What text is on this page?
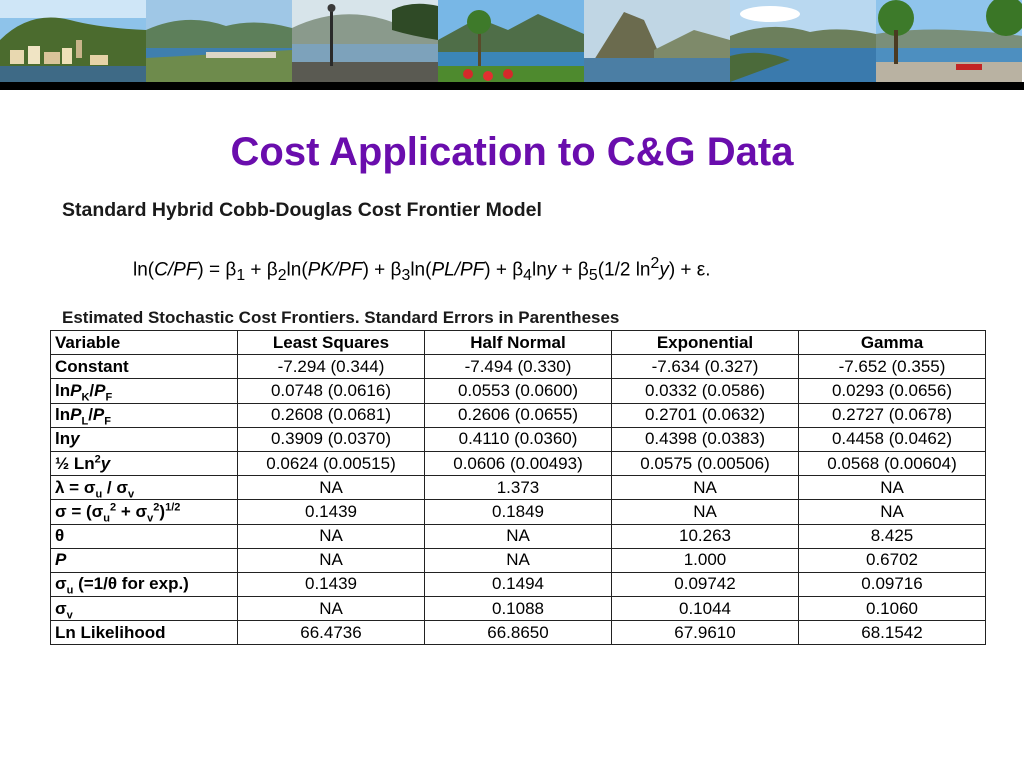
Cost Application to C&G Data
Standard Hybrid Cobb-Douglas Cost Frontier Model
$\ln(C/PF) = \beta_1 + \beta_2\ln(PK/PF) + \beta_3\ln(PL/PF) + \beta_4\ln y + \beta_5(1/2$ $\ln^2y) + \varepsilon$.
Estimated Stochastic Cost Frontiers. Standard Errors in Parentheses
Variable	Least Squares	Half Normal	Exponential	Gamma
Constant	-7.294 (0.344)	-7.494 (0.330)	-7.634 (0.327)	-7.652 (0.355)
$\ln P_K/P_F$	0.0748 (0.0616)	0.0553 (0.0600)	0.0332 (0.0586)	0.0293 (0.0656)
$\ln P_L/P_F$	0.2608 (0.0681)	0.2606 (0.0655)	0.2701 (0.0632)	0.2727 (0.0678)
lny	0.3909 (0.0370)	0.4110 (0.0360)	0.4398 (0.0383)	0.4458 (0.0462)
½ Ln$^2$y	0.0624 (0.00515)	0.0606 (0.00493)	0.0575 (0.00506)	0.0568 (0.00604)
$\lambda = \sigma_u / \sigma_v$	NA	1.373	NA	NA
$\sigma = (\sigma_u^2 + \sigma_v^2)^{1/2}$	0.1439	0.1849	NA	NA
θ	NA	NA	10.263	8.425
P	NA	NA	1.000	0.6702
$\sigma_u$ (=1/θ for exp.)	0.1439	0.1494	0.09742	0.09716
$\sigma_v$	NA	0.1088	0.1044	0.1060
Ln Likelihood	66.4736	66.8650	67.9610	68.1542
